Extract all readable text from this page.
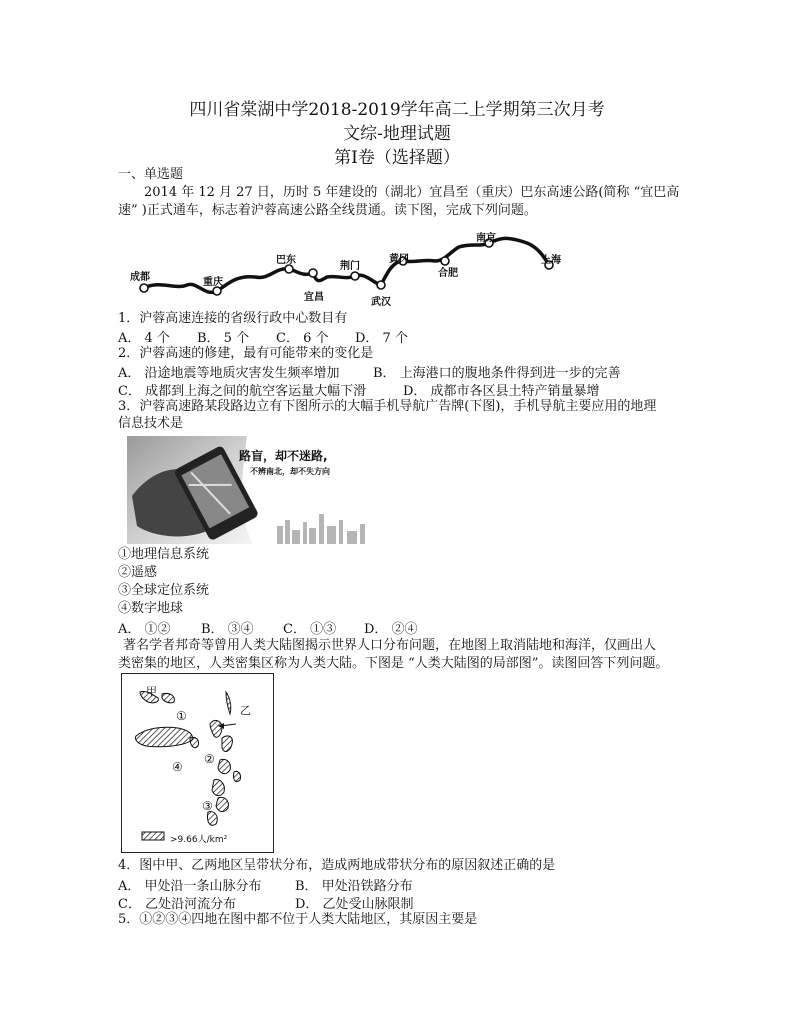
四川省棠湖中学2018-2019学年高二上学期第三次月考
文综-地理试题
第Ⅰ卷（选择题）
一、单选题
2014 年 12 月 27 日，历时 5 年建设的（湖北）宜昌至（重庆）巴东高速公路(简称 “宜巴高
速” )正式通车，标志着沪蓉高速公路全线贯通。读下图，完成下列问题。
成都	重庆
巴东
宜昌
荆门
武汉
黄冈
合肥
南京
上海
1．沪蓉高速连接的省级行政中心数目有
A． 4 个 B． 5 个 C． 6 个 D． 7 个
2．沪蓉高速的修建，最有可能带来的变化是
A． 沿途地震等地质灾害发生频率增加	B． 上海港口的腹地条件得到进一步的完善
C． 成都到上海之间的航空客运量大幅下滑	D． 成都市各区县土特产销量暴增
3．沪蓉高速路某段路边立有下图所示的大幅手机导航广告牌(下图)，手机导航主要应用的地理
信息技术是
路盲，却不迷路,
不辨南北，却不失方向
①地理信息系统
②遥感
③全球定位系统
④数字地球
A． ①② B． ③④ C． ①③ D． ②④
著名学者邦奇等曾用人类大陆图揭示世界人口分布问题，在地图上取消陆地和海洋，仅画出人
类密集的地区，人类密集区称为人类大陆。下图是 “人类大陆图的局部图”。读图回答下列问题。
甲
乙
①
②
③
④
>9.66人/km²
4．图中甲、乙两地区呈带状分布，造成两地成带状分布的原因叙述正确的是
A． 甲处沿一条山脉分布	B． 甲处沿铁路分布
C． 乙处沿河流分布	D． 乙处受山脉限制
5．①②③④四地在图中都不位于人类大陆地区，其原因主要是
